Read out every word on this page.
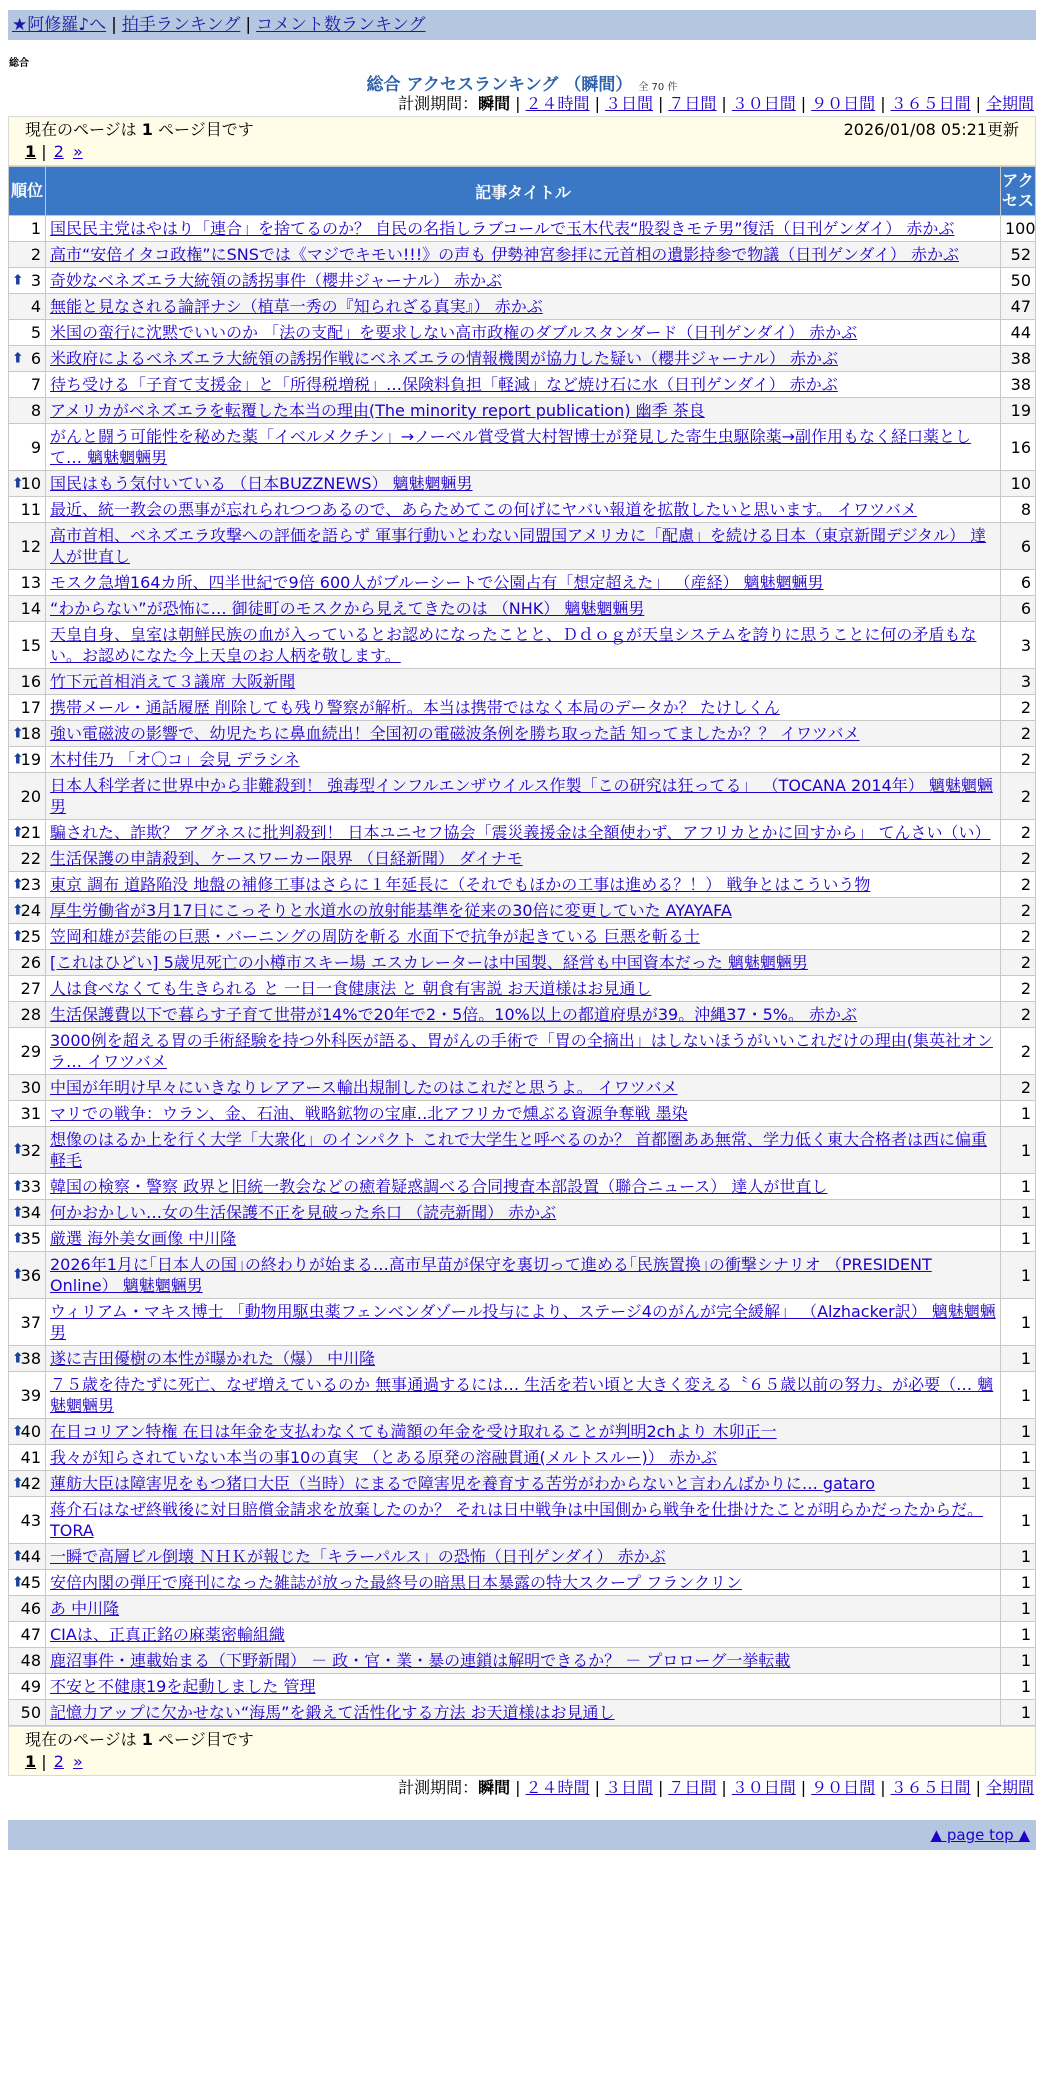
★阿修羅♪へ | 拍手ランキング | コメント数ランキング
総合
総合 アクセスランキング （瞬間） 全 70 件
計測期間：瞬間 | ２４時間 | ３日間 | ７日間 | ３０日間 | ９０日間 | ３６５日間 | 全期間
現在のページは 1 ページ目です	2026/01/08 05:21更新
1 | 2 »
順位	記事タイトル	アクセス
1	国民民主党はやはり「連合」を捨てるのか？ 自民の名指しラブコールで玉木代表“股裂きモテ男”復活（日刊ゲンダイ） 赤かぶ	100
2	高市“安倍イタコ政権”にSNSでは《マジでキモい!!!》の声も 伊勢神宮参拝に元首相の遺影持参で物議（日刊ゲンダイ） 赤かぶ	52

⬆ 3	奇妙なベネズエラ大統領の誘拐事件（櫻井ジャーナル） 赤かぶ	50
4	無能と見なされる論評ナシ（植草一秀の『知られざる真実』） 赤かぶ	47
5	米国の蛮行に沈黙でいいのか 「法の支配」を要求しない高市政権のダブルスタンダード（日刊ゲンダイ） 赤かぶ	44

⬆ 6	米政府によるベネズエラ大統領の誘拐作戦にベネズエラの情報機関が協力した疑い（櫻井ジャーナル） 赤かぶ	38
7	待ち受ける「子育て支援金」と「所得税増税」…保険料負担「軽減」など焼け石に水（日刊ゲンダイ） 赤かぶ	38
8	アメリカがベネズエラを転覆した本当の理由(The minority report publication) 幽季 茶良	19
9	がんと闘う可能性を秘めた薬「イベルメクチン」→ノーベル賞受賞大村智博士が発見した寄生虫駆除薬→副作用もなく経口薬として… 魑魅魍魎男	16

⬆
10	国民はもう気付いている （日本BUZZNEWS） 魑魅魍魎男	10
11	最近、統一教会の悪事が忘れられつつあるので、あらためてこの何げにヤバい報道を拡散したいと思います。 イワツバメ	8
12	高市首相、ベネズエラ攻撃への評価を語らず 軍事行動いとわない同盟国アメリカに「配慮」を続ける日本（東京新聞デジタル） 達人が世直し	6
13	モスク急増164カ所、四半世紀で9倍 600人がブルーシートで公園占有「想定超えた」 （産経） 魑魅魍魎男	6
14	“わからない”が恐怖に… 御徒町のモスクから見えてきたのは （NHK） 魑魅魍魎男	6
15	天皇自身、皇室は朝鮮民族の血が入っているとお認めになったことと、Ｄｄｏｇが天皇システムを誇りに思うことに何の矛盾もない。お認めになた今上天皇のお人柄を敬します。	3
16	竹下元首相消えて３議席 大阪新聞	3
17	携帯メール・通話履歴 削除しても残り警察が解析。本当は携帯ではなく本局のデータか？ たけしくん	2

⬆
18	強い電磁波の影響で、幼児たちに鼻血続出！全国初の電磁波条例を勝ち取った話 知ってましたか？？ イワツバメ	2

⬆
19	木村佳乃 「オ〇コ」会見 デラシネ	2
20	日本人科学者に世界中から非難殺到！ 強毒型インフルエンザウイルス作製「この研究は狂ってる」 （TOCANA 2014年） 魑魅魍魎男	2

⬆
21	騙された、詐欺？ アグネスに批判殺到！ 日本ユニセフ協会「震災義援金は全額使わず、アフリカとかに回すから」 てんさい（い）	2
22	生活保護の申請殺到、ケースワーカー限界 （日経新聞） ダイナモ	2

⬆
23	東京 調布 道路陥没 地盤の補修工事はさらに１年延長に（それでもほかの工事は進める？！） 戦争とはこういう物	2

⬆
24	厚生労働省が3月17日にこっそりと水道水の放射能基準を従来の30倍に変更していた AYAYAFA	2

⬆
25	笠岡和雄が芸能の巨悪・バーニングの周防を斬る 水面下で抗争が起きている 巨悪を斬る士	2
26	[これはひどい] 5歳児死亡の小樽市スキー場 エスカレーターは中国製、経営も中国資本だった 魑魅魍魎男	2
27	人は食べなくても生きられる と 一日一食健康法 と 朝食有害説 お天道様はお見通し	2
28	生活保護費以下で暮らす子育て世帯が14%で20年で2・5倍。10%以上の都道府県が39。沖縄37・5%。 赤かぶ	2
29	3000例を超える胃の手術経験を持つ外科医が語る、胃がんの手術で「胃の全摘出」はしないほうがいいこれだけの理由(集英社オンラ… イワツバメ	2
30	中国が年明け早々にいきなりレアアース輸出規制したのはこれだと思うよ。 イワツバメ	2
31	マリでの戦争：ウラン、金、石油、戦略鉱物の宝庫‥北アフリカで燻ぶる資源争奪戦 墨染	1

⬆
32	想像のはるか上を行く大学「大衆化」のインパクト これで大学生と呼べるのか？ 首都圏ああ無常、学力低く東大合格者は西に偏重 軽毛	1

⬆
33	韓国の検察・警察 政界と旧統一教会などの癒着疑惑調べる合同捜査本部設置（聯合ニュース） 達人が世直し	1

⬆
34	何かおかしい…女の生活保護不正を見破った糸口 （読売新聞） 赤かぶ	1

⬆
35	厳選 海外美女画像 中川隆	1

⬆
36	2026年1月に｢日本人の国｣の終わりが始まる…高市早苗が保守を裏切って進める｢民族置換｣の衝撃シナリオ （PRESIDENT Online） 魑魅魍魎男	1
37	ウィリアム・マキス博士 「動物用駆虫薬フェンベンダゾール投与により、ステージ4のがんが完全緩解」 （Alzhacker訳） 魑魅魍魎男	1

⬆
38	遂に吉田優樹の本性が曝かれた（爆） 中川隆	1
39	７５歳を待たずに死亡、なぜ増えているのか 無事通過するには… 生活を若い頃と大きく変える〝６５歳以前の努力〟が必要（… 魑魅魍魎男	1

⬆
40	在日コリアン特権 在日は年金を支払わなくても満額の年金を受け取れることが判明2chより 木卯正一	1
41	我々が知らされていない本当の事10の真実 （とある原発の溶融貫通(メルトスルー)） 赤かぶ	1

⬆
42	蓮舫大臣は障害児をもつ猪口大臣（当時）にまるで障害児を養育する苦労がわからないと言わんばかりに… gataro	1
43	蒋介石はなぜ終戦後に対日賠償金請求を放棄したのか？ それは日中戦争は中国側から戦争を仕掛けたことが明らかだったからだ。 TORA	1

⬆
44	一瞬で高層ビル倒壊 ＮＨＫが報じた「キラーパルス」の恐怖（日刊ゲンダイ） 赤かぶ	1

⬆
45	安倍内閣の弾圧で廃刊になった雑誌が放った最終号の暗黒日本暴露の特大スクープ フランクリン	1
46	あ 中川隆	1
47	CIAは、正真正銘の麻薬密輸組織	1
48	鹿沼事件・連載始まる（下野新聞） － 政・官・業・暴の連鎖は解明できるか？ － プロローグ一挙転載	1
49	不安と不健康19を起動しました 管理	1
50	記憶力アップに欠かせない“海馬”を鍛えて活性化する方法 お天道様はお見通し	1
現在のページは 1 ページ目です
1 | 2 »
計測期間：瞬間 | ２４時間 | ３日間 | ７日間 | ３０日間 | ９０日間 | ３６５日間 | 全期間
▲ page top ▲
